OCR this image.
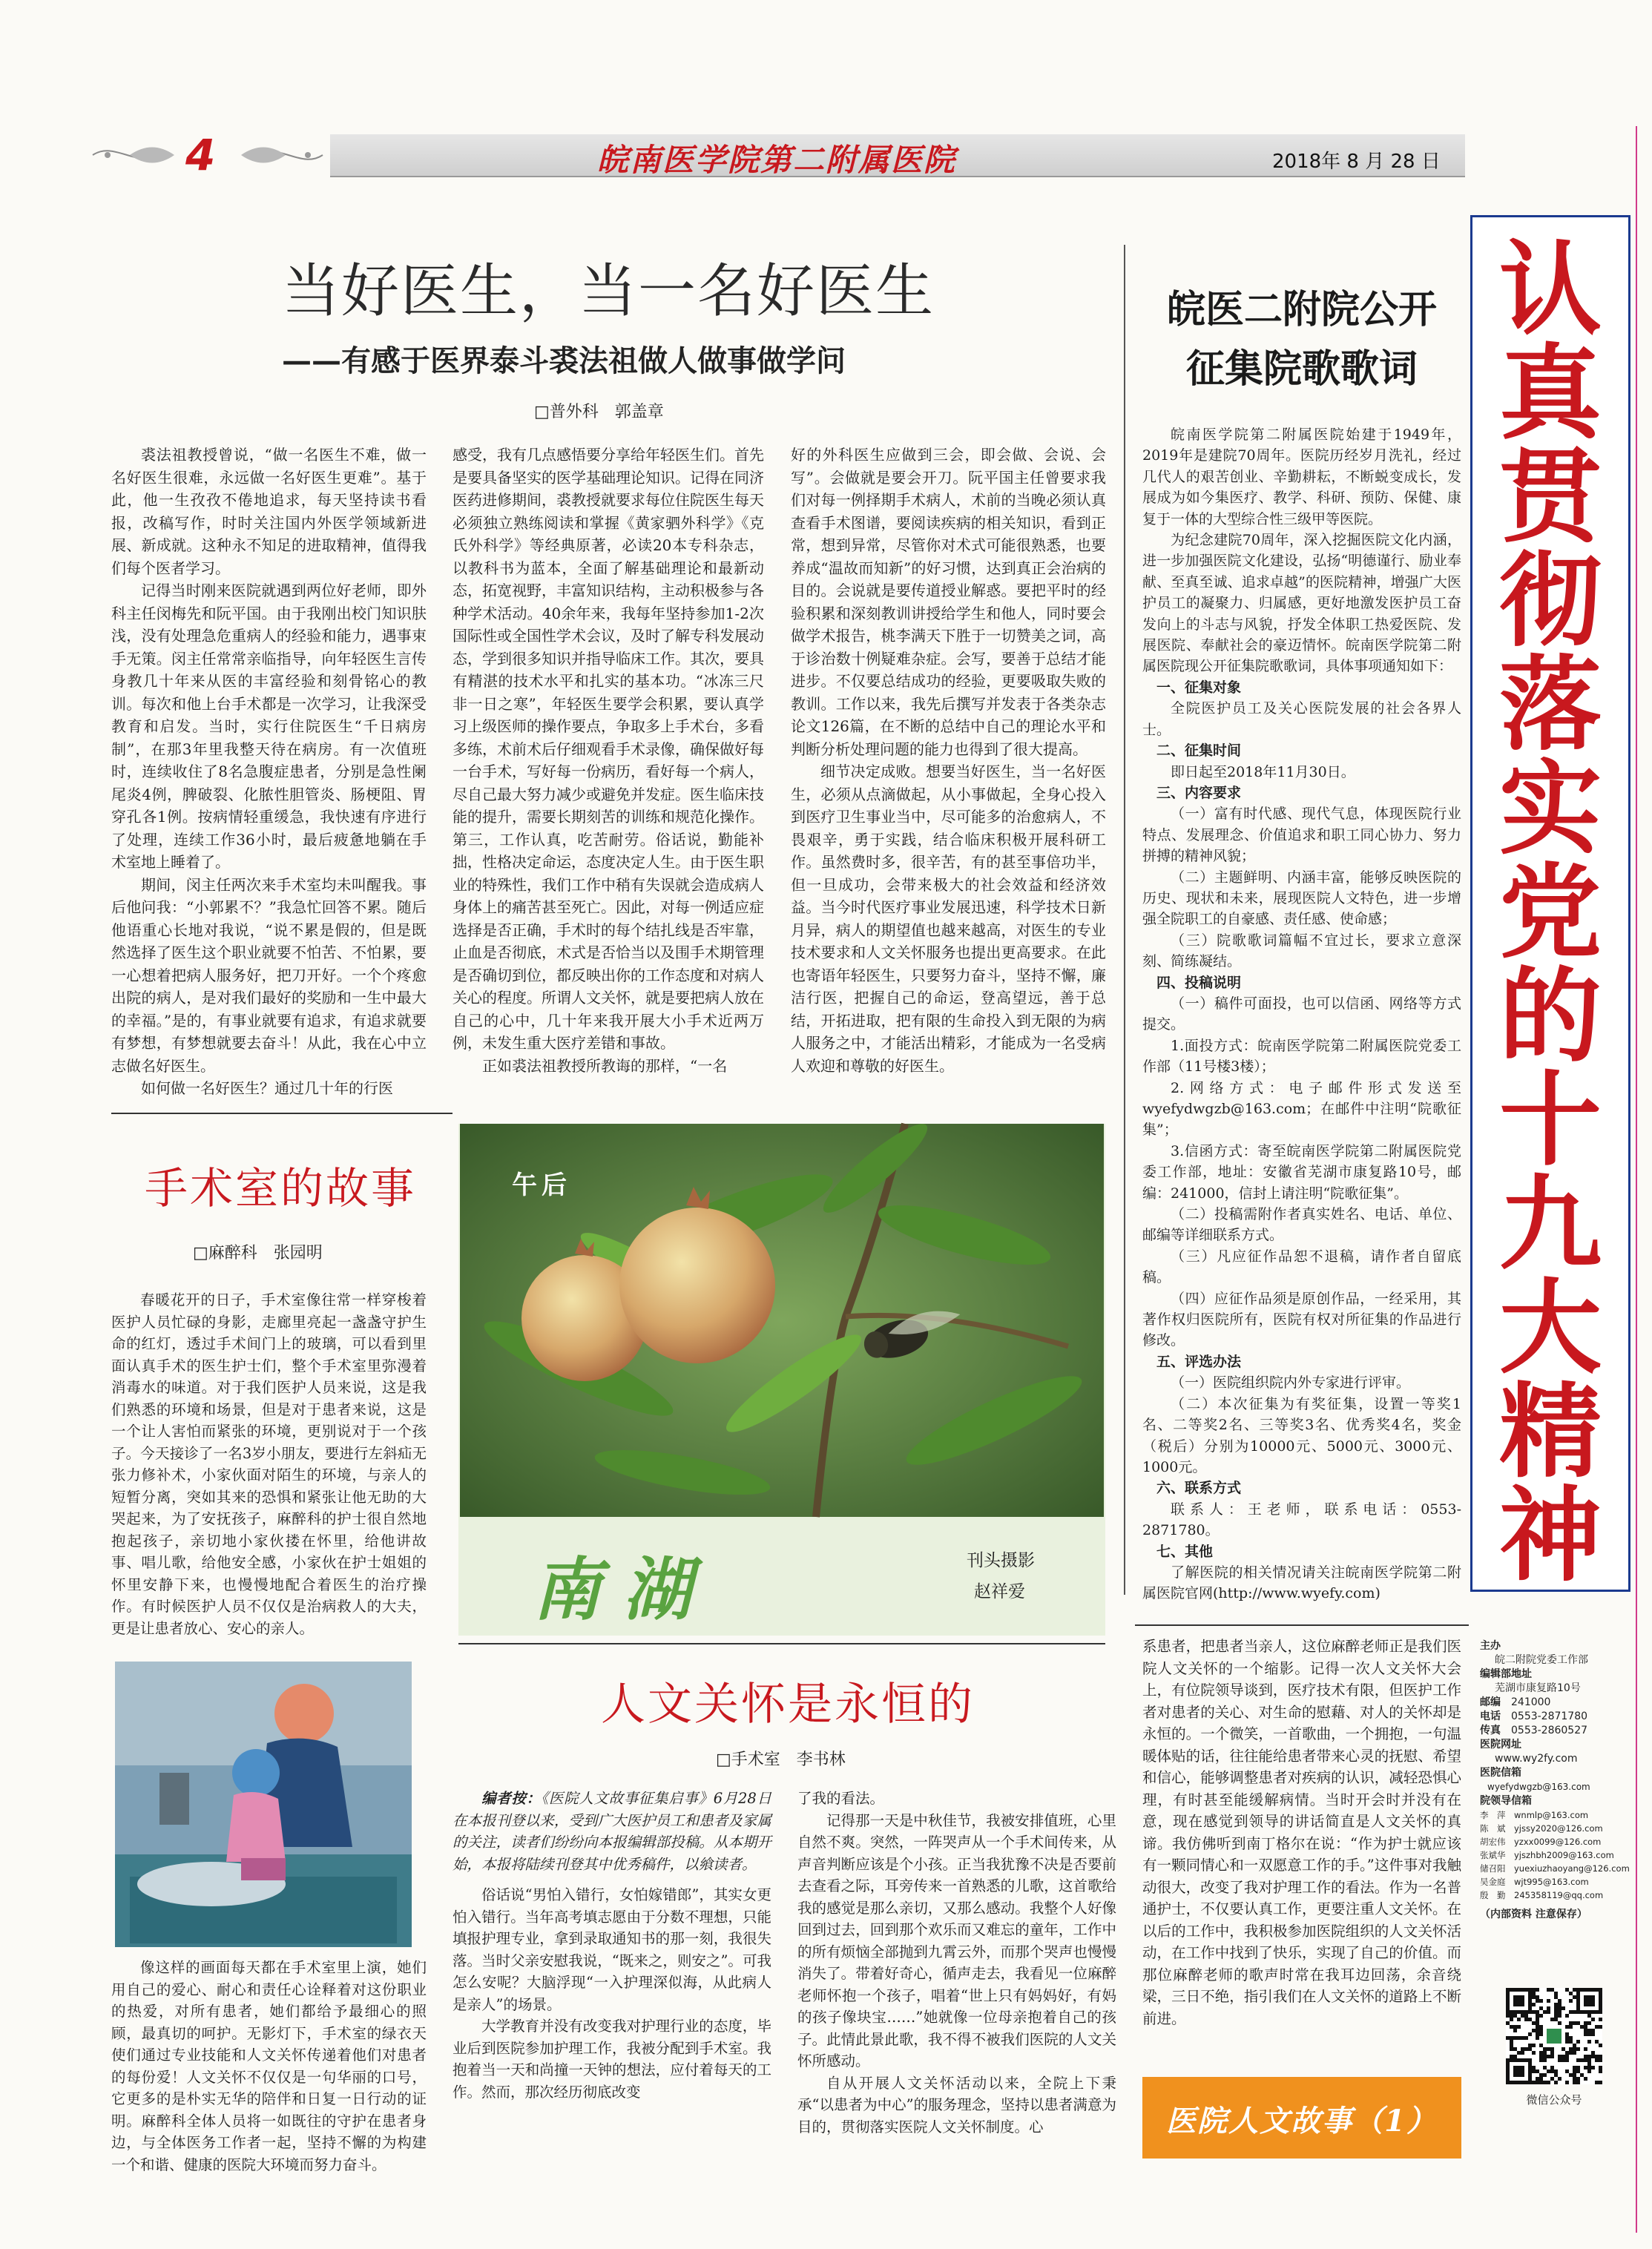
4	皖南医学院第二附属医院	2018年 8 月 28 日
认真贯彻落实党的十九大精神
当好医生，当一名好医生
——有感于医界泰斗裘法祖做人做事做学问
□普外科　郭盖章

裘法祖教授曾说，“做一名医生不难，做一名好医生很难，永远做一名好医生更难”。基于此，他一生孜孜不倦地追求，每天坚持读书看报，改稿写作，时时关注国内外医学领域新进展、新成就。这种永不知足的进取精神，值得我们每个医者学习。

记得当时刚来医院就遇到两位好老师，即外科主任闵梅先和阮平国。由于我刚出校门知识肤浅，没有处理急危重病人的经验和能力，遇事束手无策。闵主任常常亲临指导，向年轻医生言传身教几十年来从医的丰富经验和刻骨铭心的教训。每次和他上台手术都是一次学习，让我深受教育和启发。当时，实行住院医生“千日病房制”，在那3年里我整天待在病房。有一次值班时，连续收住了8名急腹症患者，分别是急性阑尾炎4例，脾破裂、化脓性胆管炎、肠梗阻、胃穿孔各1例。按病情轻重缓急，我快速有序进行了处理，连续工作36小时，最后疲惫地躺在手术室地上睡着了。

期间，闵主任两次来手术室均未叫醒我。事后他问我：“小郭累不？”我急忙回答不累。随后他语重心长地对我说，“说不累是假的，但是既然选择了医生这个职业就要不怕苦、不怕累，要一心想着把病人服务好，把刀开好。一个个疼愈出院的病人，是对我们最好的奖励和一生中最大的幸福。”是的，有事业就要有追求，有追求就要有梦想，有梦想就要去奋斗！从此，我在心中立志做名好医生。

如何做一名好医生？通过几十年的行医

感受，我有几点感悟要分享给年轻医生们。首先是要具备坚实的医学基础理论知识。记得在同济医药进修期间，裘教授就要求每位住院医生每天必须独立熟练阅读和掌握《黄家驷外科学》《克氏外科学》等经典原著，必读20本专科杂志，以教科书为蓝本，全面了解基础理论和最新动态，拓宽视野，丰富知识结构，主动积极参与各种学术活动。40余年来，我每年坚持参加1-2次国际性或全国性学术会议，及时了解专科发展动态，学到很多知识并指导临床工作。其次，要具有精湛的技术水平和扎实的基本功。“冰冻三尺非一日之寒”，年轻医生要学会积累，要认真学习上级医师的操作要点，争取多上手术台，多看多练，术前术后仔细观看手术录像，确保做好每一台手术，写好每一份病历，看好每一个病人，尽自己最大努力减少或避免并发症。医生临床技能的提升，需要长期刻苦的训练和规范化操作。第三，工作认真，吃苦耐劳。俗话说，勤能补拙，性格决定命运，态度决定人生。由于医生职业的特殊性，我们工作中稍有失误就会造成病人身体上的痛苦甚至死亡。因此，对每一例适应症选择是否正确，手术时的每个结扎线是否牢靠，止血是否彻底，术式是否恰当以及围手术期管理是否确切到位，都反映出你的工作态度和对病人关心的程度。所谓人文关怀，就是要把病人放在自己的心中，几十年来我开展大小手术近两万例，未发生重大医疗差错和事故。

正如裘法祖教授所教诲的那样，“一名

好的外科医生应做到三会，即会做、会说、会写”。会做就是要会开刀。阮平国主任曾要求我们对每一例择期手术病人，术前的当晚必须认真查看手术图谱，要阅读疾病的相关知识，看到正常，想到异常，尽管你对术式可能很熟悉，也要养成“温故而知新”的好习惯，达到真正会治病的目的。会说就是要传道授业解惑。要把平时的经验积累和深刻教训讲授给学生和他人，同时要会做学术报告，桃李满天下胜于一切赞美之词，高于诊治数十例疑难杂症。会写，要善于总结才能进步。不仅要总结成功的经验，更要吸取失败的教训。工作以来，我先后撰写并发表于各类杂志论文126篇，在不断的总结中自己的理论水平和判断分析处理问题的能力也得到了很大提高。

细节决定成败。想要当好医生，当一名好医生，必须从点滴做起，从小事做起，全身心投入到医疗卫生事业当中，尽可能多的治愈病人，不畏艰辛，勇于实践，结合临床积极开展科研工作。虽然费时多，很辛苦，有的甚至事倍功半，但一旦成功，会带来极大的社会效益和经济效益。当今时代医疗事业发展迅速，科学技术日新月异，病人的期望值也越来越高，对医生的专业技术要求和人文关怀服务也提出更高要求。在此也寄语年轻医生，只要努力奋斗，坚持不懈，廉洁行医，把握自己的命运，登高望远，善于总结，开拓进取，把有限的生命投入到无限的为病人服务之中，才能活出精彩，才能成为一名受病人欢迎和尊敬的好医生。

皖医二附院公开
征集院歌歌词

皖南医学院第二附属医院始建于1949年，2019年是建院70周年。医院历经岁月洗礼，经过几代人的艰苦创业、辛勤耕耘，不断蜕变成长，发展成为如今集医疗、教学、科研、预防、保健、康复于一体的大型综合性三级甲等医院。

为纪念建院70周年，深入挖掘医院文化内涵，进一步加强医院文化建设，弘扬“明德谨行、励业奉献、至真至诚、追求卓越”的医院精神，增强广大医护员工的凝聚力、归属感，更好地激发医护员工奋发向上的斗志与风貌，抒发全体职工热爱医院、发展医院、奉献社会的豪迈情怀。皖南医学院第二附属医院现公开征集院歌歌词，具体事项通知如下：

一、征集对象

全院医护员工及关心医院发展的社会各界人士。

二、征集时间

即日起至2018年11月30日。

三、内容要求

（一）富有时代感、现代气息，体现医院行业特点、发展理念、价值追求和职工同心协力、努力拼搏的精神风貌；

（二）主题鲜明、内涵丰富，能够反映医院的历史、现状和未来，展现医院人文特色，进一步增强全院职工的自豪感、责任感、使命感；

（三）院歌歌词篇幅不宜过长，要求立意深刻、简练凝结。

四、投稿说明

（一）稿件可面投，也可以信函、网络等方式提交。

1.面投方式：皖南医学院第二附属医院党委工作部（11号楼3楼）；

2.网络方式：电子邮件形式发送至wyefydwgzb@163.com；在邮件中注明“院歌征集”；

3.信函方式：寄至皖南医学院第二附属医院党委工作部，地址：安徽省芜湖市康复路10号，邮编：241000，信封上请注明“院歌征集”。

（二）投稿需附作者真实姓名、电话、单位、邮编等详细联系方式。

（三）凡应征作品恕不退稿，请作者自留底稿。

（四）应征作品须是原创作品，一经采用，其著作权归医院所有，医院有权对所征集的作品进行修改。

五、评选办法

（一）医院组织院内外专家进行评审。

（二）本次征集为有奖征集，设置一等奖1名、二等奖2名、三等奖3名、优秀奖4名，奖金（税后）分别为10000元、5000元、3000元、1000元。

六、联系方式

联系人：王老师，联系电话：0553-2871780。

七、其他

了解医院的相关情况请关注皖南医学院第二附属医院官网(http://www.wyefy.com)

手术室的故事
□麻醉科　张园明

春暖花开的日子，手术室像往常一样穿梭着医护人员忙碌的身影，走廊里亮起一盏盏守护生命的红灯，透过手术间门上的玻璃，可以看到里面认真手术的医生护士们，整个手术室里弥漫着消毒水的味道。对于我们医护人员来说，这是我们熟悉的环境和场景，但是对于患者来说，这是一个让人害怕而紧张的环境，更别说对于一个孩子。今天接诊了一名3岁小朋友，要进行左斜疝无张力修补术，小家伙面对陌生的环境，与亲人的短暂分离，突如其来的恐惧和紧张让他无助的大哭起来，为了安抚孩子，麻醉科的护士很自然地抱起孩子，亲切地小家伙搂在怀里，给他讲故事、唱儿歌，给他安全感，小家伙在护士姐姐的怀里安静下来，也慢慢地配合着医生的治疗操作。有时候医护人员不仅仅是治病救人的大夫，更是让患者放心、安心的亲人。

像这样的画面每天都在手术室里上演，她们用自己的爱心、耐心和责任心诠释着对这份职业的热爱，对所有患者，她们都给予最细心的照顾，最真切的呵护。无影灯下，手术室的绿衣天使们通过专业技能和人文关怀传递着他们对患者的每份爱！人文关怀不仅仅是一句华丽的口号，它更多的是朴实无华的陪伴和日复一日行动的证明。麻醉科全体人员将一如既往的守护在患者身边，与全体医务工作者一起，坚持不懈的为构建一个和谐、健康的医院大环境而努力奋斗。

午后
南湖	刊头摄影
赵祥爱
人文关怀是永恒的
□手术室　李书林

编者按：《医院人文故事征集启事》6月28日在本报刊登以来，受到广大医护员工和患者及家属的关注，读者们纷纷向本报编辑部投稿。从本期开始，本报将陆续刊登其中优秀稿件，以飨读者。

俗话说“男怕入错行，女怕嫁错郎”，其实女更怕入错行。当年高考填志愿由于分数不理想，只能填报护理专业，拿到录取通知书的那一刻，我很失落。当时父亲安慰我说，“既来之，则安之”。可我怎么安呢？大脑浮现“一入护理深似海，从此病人是亲人”的场景。

大学教育并没有改变我对护理行业的态度，毕业后到医院参加护理工作，我被分配到手术室。我抱着当一天和尚撞一天钟的想法，应付着每天的工作。然而，那次经历彻底改变

了我的看法。

记得那一天是中秋佳节，我被安排值班，心里自然不爽。突然，一阵哭声从一个手术间传来，从声音判断应该是个小孩。正当我犹豫不决是否要前去查看之际，耳旁传来一首熟悉的儿歌，这首歌给我的感觉是那么亲切，又那么感动。我整个人好像回到过去，回到那个欢乐而又难忘的童年，工作中的所有烦恼全部抛到九霄云外，而那个哭声也慢慢消失了。带着好奇心，循声走去，我看见一位麻醉老师怀抱一个孩子，唱着“世上只有妈妈好，有妈的孩子像块宝……”她就像一位母亲抱着自己的孩子。此情此景此歌，我不得不被我们医院的人文关怀所感动。

自从开展人文关怀活动以来，全院上下秉承“以患者为中心”的服务理念，坚持以患者满意为目的，贯彻落实医院人文关怀制度。心

系患者，把患者当亲人，这位麻醉老师正是我们医院人文关怀的一个缩影。记得一次人文关怀大会上，有位院领导谈到，医疗技术有限，但医护工作者对患者的关心、对生命的慰藉、对人的关怀却是永恒的。一个微笑，一首歌曲，一个拥抱，一句温暖体贴的话，往往能给患者带来心灵的抚慰、希望和信心，能够调整患者对疾病的认识，减轻恐惧心理，有时甚至能缓解病情。当时开会时并没有在意，现在感觉到领导的讲话简直是人文关怀的真谛。我仿佛听到南丁格尔在说：“作为护士就应该有一颗同情心和一双愿意工作的手。”这件事对我触动很大，改变了我对护理工作的看法。作为一名普通护士，不仅要认真工作，更要注重人文关怀。在以后的工作中，我积极参加医院组织的人文关怀活动，在工作中找到了快乐，实现了自己的价值。而那位麻醉老师的歌声时常在我耳边回荡，余音绕梁，三日不绝，指引我们在人文关怀的道路上不断前进。

医院人文故事（1）
主办
皖二附院党委工作部
编辑部地址
芜湖市康复路10号
邮编　 241000
电话　 0553-2871780
传真　 0553-2860527
医院网址
www.wy2fy.com
医院信箱
wyefydwgzb@163.com
院领导信箱
李　萍　wnmlp@163.com
陈　斌　yjssy2020@126.com
胡宏伟　yzxx0099@126.com
张斌华　yjszhbh2009@163.com
储召阳　yuexiuzhaoyang@126.com
吴金庭　wjt995@163.com
殷　勤　245358119@qq.com
（内部资料 注意保存）
微信公众号
